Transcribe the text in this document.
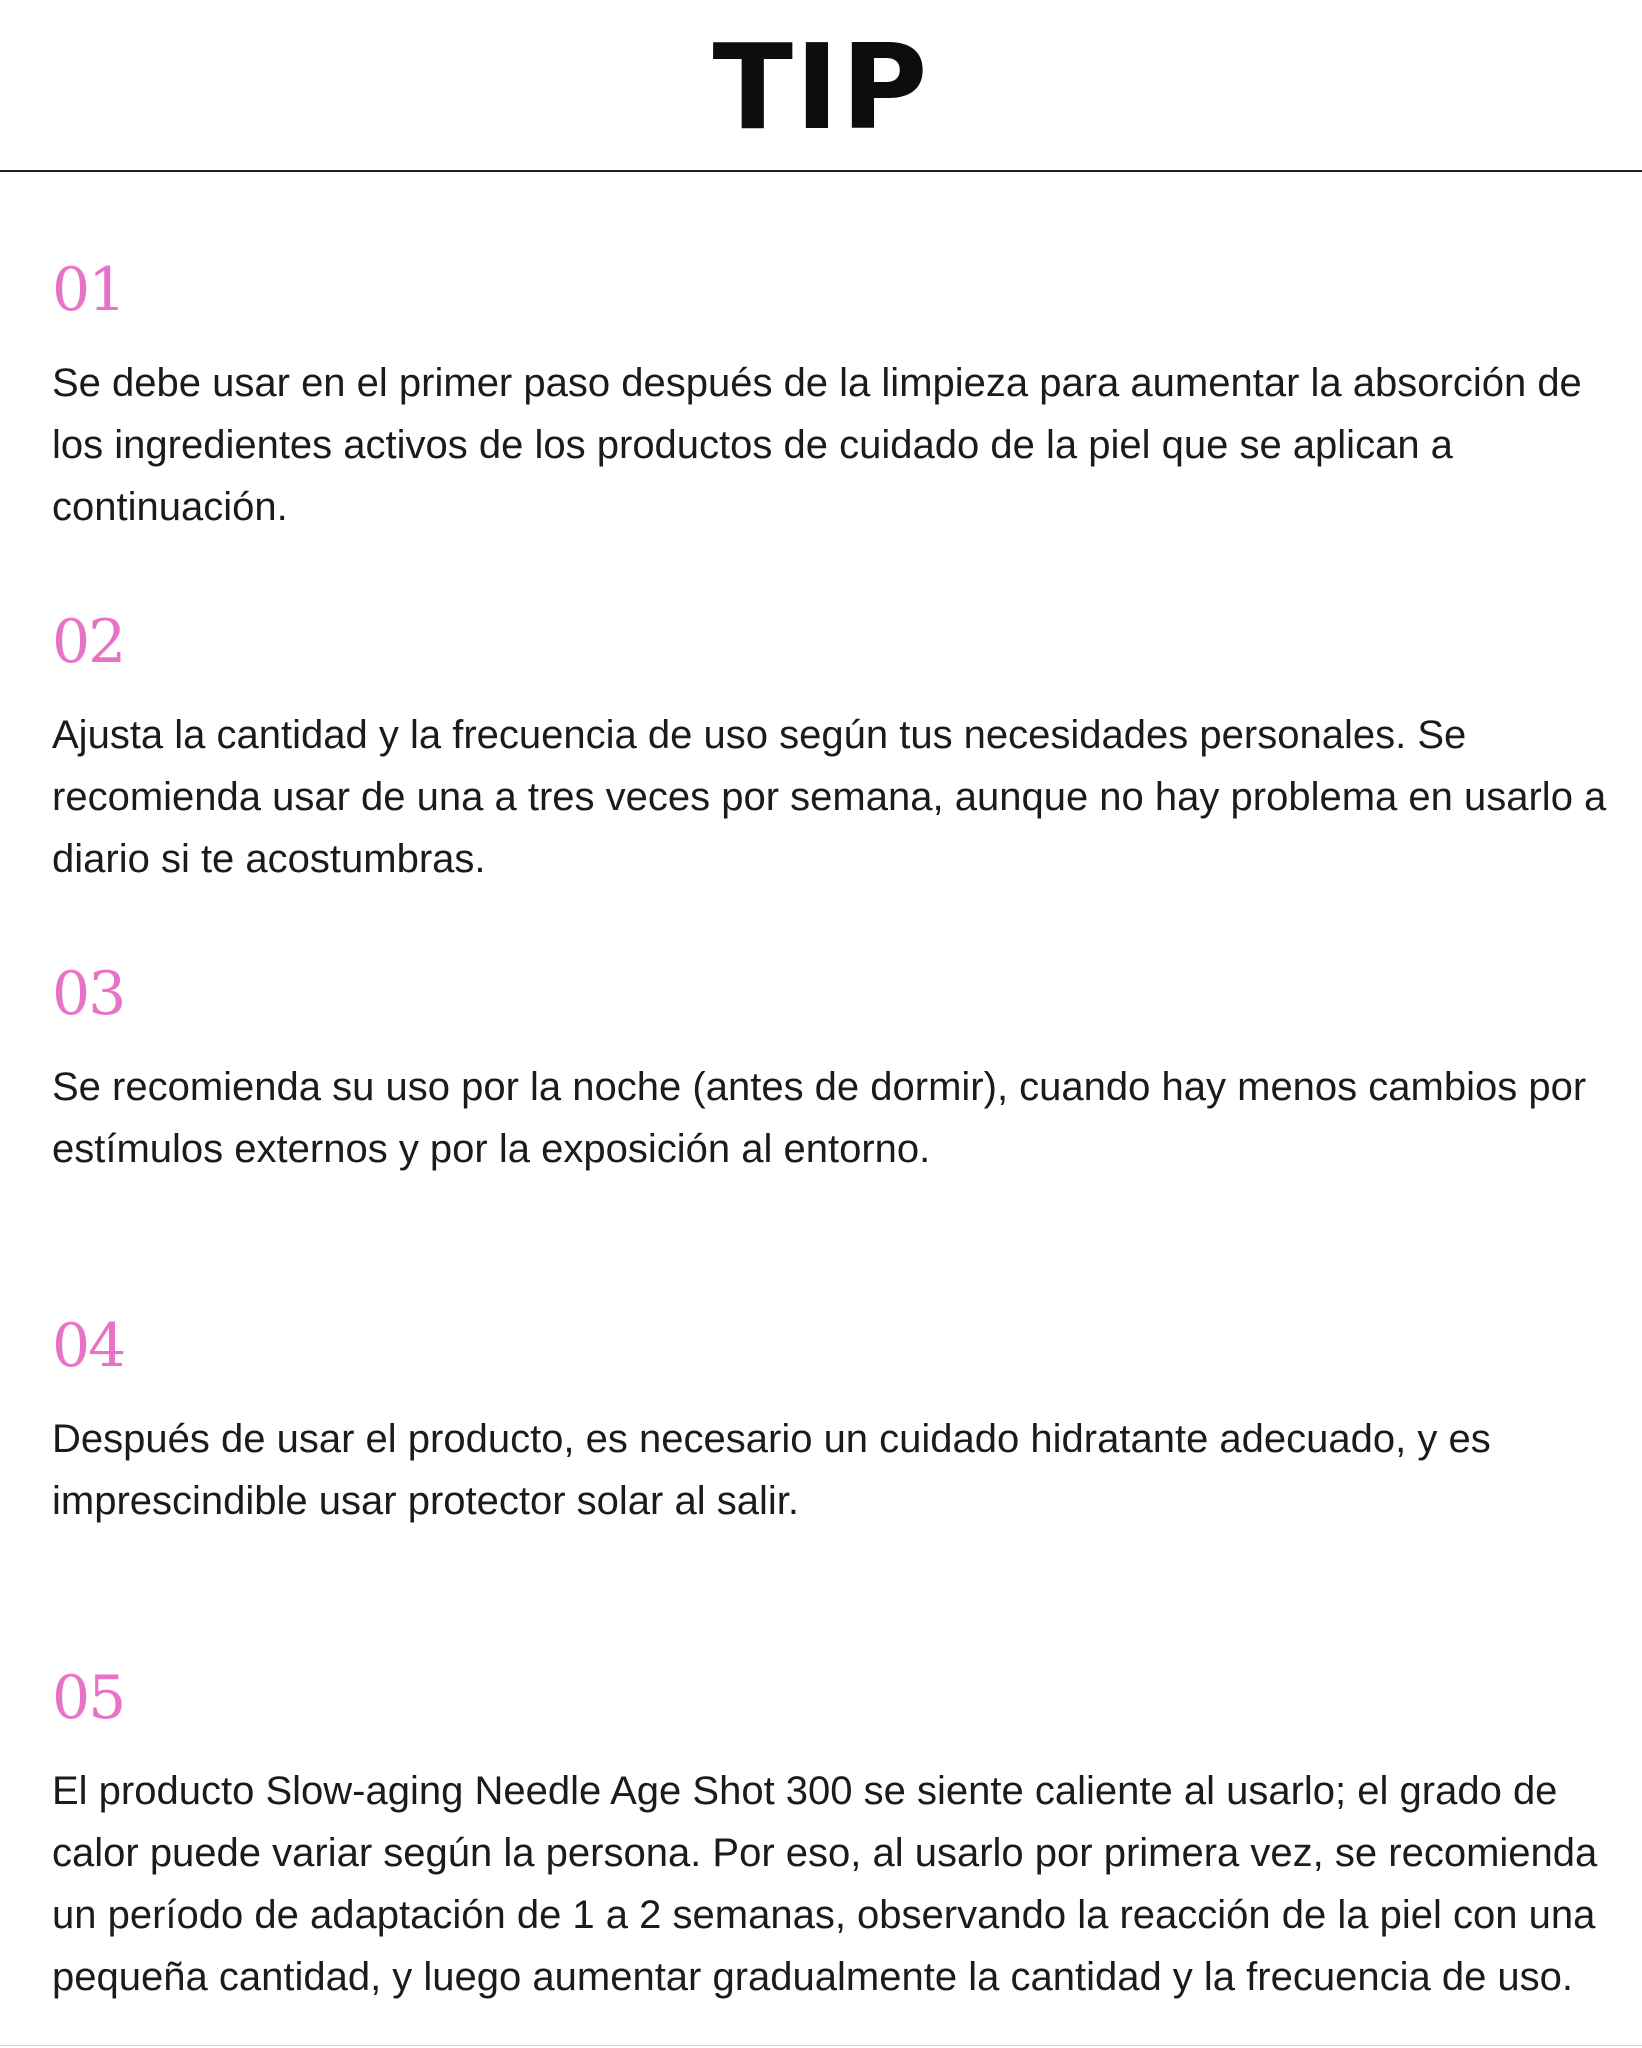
TIP
01

Se debe usar en el primer paso después de la limpieza para aumentar la absorción de los ingredientes activos de los productos de cuidado de la piel que se aplican a continuación.

02

Ajusta la cantidad y la frecuencia de uso según tus necesidades personales. Se recomienda usar de una a tres veces por semana, aunque no hay problema en usarlo a diario si te acostumbras.

03

Se recomienda su uso por la noche (antes de dormir), cuando hay menos cambios por estímulos externos y por la exposición al entorno.

04

Después de usar el producto, es necesario un cuidado hidratante adecuado, y es imprescindible usar protector solar al salir.

05

El producto Slow-aging Needle Age Shot 300 se siente caliente al usarlo; el grado de calor puede variar según la persona. Por eso, al usarlo por primera vez, se recomienda un período de adaptación de 1 a 2 semanas, observando la reacción de la piel con una pequeña cantidad, y luego aumentar gradualmente la cantidad y la frecuencia de uso.
